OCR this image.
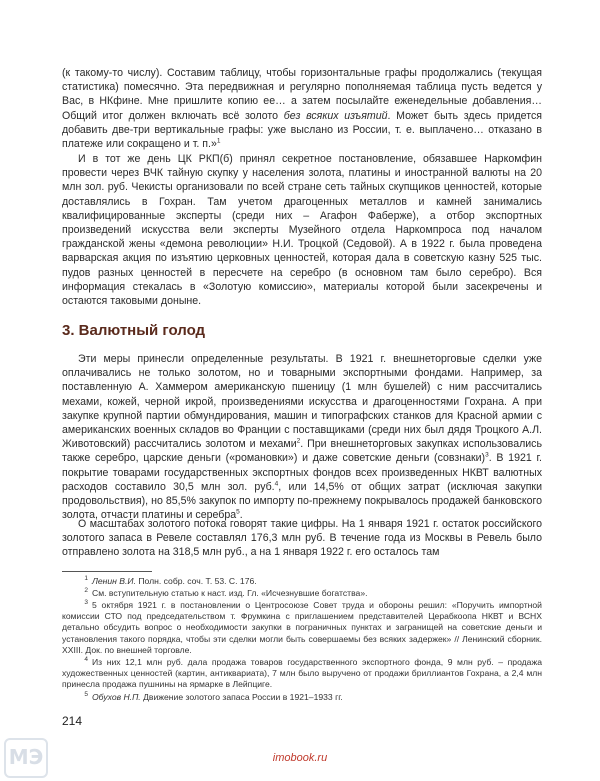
(к такому-то числу). Составим таблицу, чтобы горизонтальные графы продолжались (текущая статистика) помесячно. Эта передвижная и регулярно пополняемая таблица пусть ведется у Вас, в НКфине. Мне пришлите копию ее… а затем посылайте еженедельные добавления… Общий итог должен включать всё золото без всяких изъятий. Может быть здесь придется добавить две-три вертикальные графы: уже выслано из России, т. е. выплачено… отказано в платеже или сокращено и т. п.»$^1$

И в тот же день ЦК РКП(б) принял секретное постановление, обязавшее Наркомфин провести через ВЧК тайную скупку у населения золота, платины и иностранной валюты на 20 млн зол. руб. Чекисты организовали по всей стране сеть тайных скупщиков ценностей, которые доставлялись в Гохран. Там учетом драгоценных металлов и камней занимались квалифицированные эксперты (среди них – Агафон Фаберже), а отбор экспортных произведений искусства вели эксперты Музейного отдела Наркомпроса под началом гражданской жены «демона революции» Н.И. Троцкой (Седовой). А в 1922 г. была проведена варварская акция по изъятию церковных ценностей, которая дала в советскую казну 525 тыс. пудов разных ценностей в пересчете на серебро (в основном там было серебро). Вся информация стекалась в «Золотую комиссию», материалы которой были засекречены и остаются таковыми доныне.

3. Валютный голод

Эти меры принесли определенные результаты. В 1921 г. внешнеторговые сделки уже оплачивались не только золотом, но и товарными экспортными фондами. Например, за поставленную А. Хаммером американскую пшеницу (1 млн бушелей) с ним рассчитались мехами, кожей, черной икрой, произведениями искусства и драгоценностями Гохрана. А при закупке крупной партии обмундирования, машин и типографских станков для Красной армии с американских военных складов во Франции с поставщиками (среди них был дядя Троцкого А.Л. Животовский) рассчитались золотом и мехами$^2$. При внешнеторговых закупках использовались также серебро, царские деньги («романовки») и даже советские деньги (совзнаки)$^3$. В 1921 г. покрытие товарами государственных экспортных фондов всех произведенных НКВТ валютных расходов составило 30,5 млн зол. руб.$^4$, или 14,5% от общих затрат (исключая закупки продовольствия), но 85,5% закупок по импорту по-прежнему покрывалось продажей банковского золота, отчасти платины и серебра$^5$.

О масштабах золотого потока говорят такие цифры. На 1 января 1921 г. остаток российского золотого запаса в Ревеле составлял 176,3 млн руб. В течение года из Москвы в Ревель было отправлено золота на 318,5 млн руб., а на 1 января 1922 г. его осталось там

1 Ленин В.И. Полн. собр. соч. Т. 53. С. 176.
2 См. вступительную статью к наст. изд. Гл. «Исчезнувшие богатства».
3 5 октября 1921 г. в постановлении о Центросоюзе Совет труда и обороны решил: «Поручить импортной комиссии СТО под председательством т. Фрумкина с приглашением представителей Церабкоопа НКВТ и ВСНХ детально обсудить вопрос о необходимости закупки в пограничных пунктах и загранищей на советские деньги и установления такого порядка, чтобы эти сделки могли быть совершаемы без всяких задержек» // Ленинский сборник. XXIII. Док. по внешней торговле.
4 Из них 12,1 млн руб. дала продажа товаров государственного экспортного фонда, 9 млн руб. – продажа художественных ценностей (картин, антиквариата), 7 млн было выручено от продажи бриллиантов Гохрана, а 2,4 млн принесла продажа пушнины на ярмарке в Лейпциге.
5 Обухов Н.П. Движение золотого запаса России в 1921–1933 гг.
214
МЭ	imobook.ru
